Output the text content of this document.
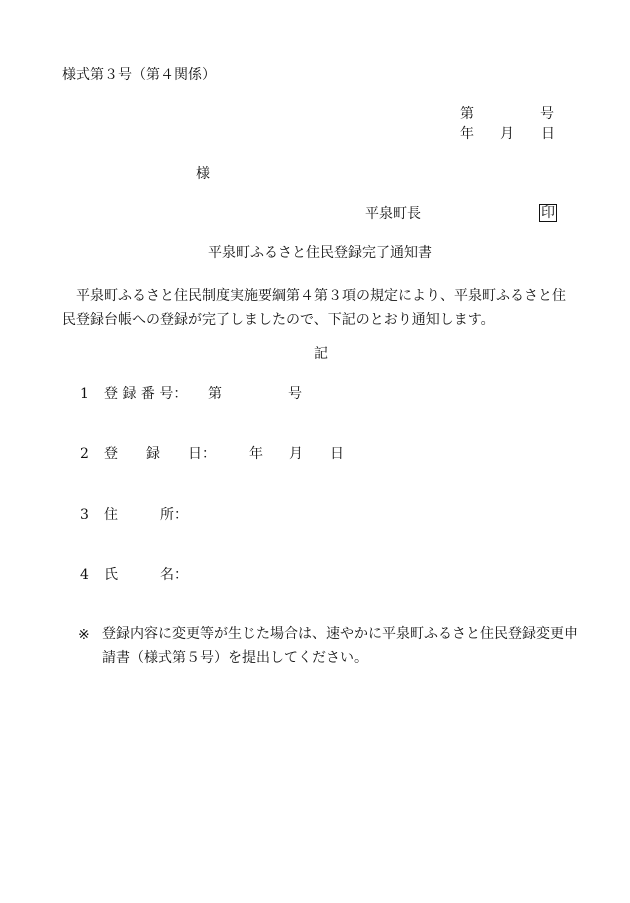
様式第３号（第４関係）
第	号
年 月 日
様
平泉町長	印
平泉町ふるさと住民登録完了通知書
平泉町ふるさと住民制度実施要綱第４第３項の規定により、平泉町ふるさと住民登録台帳への登録が完了しましたので、下記のとおり通知します。
記
1 登 録 番 号： 第	号
2 登　　録　　日： 年 月 日
3 住　　　所：
4 氏　　　名：
※ 登録内容に変更等が生じた場合は、速やかに平泉町ふるさと住民登録変更申請書（様式第５号）を提出してください。
